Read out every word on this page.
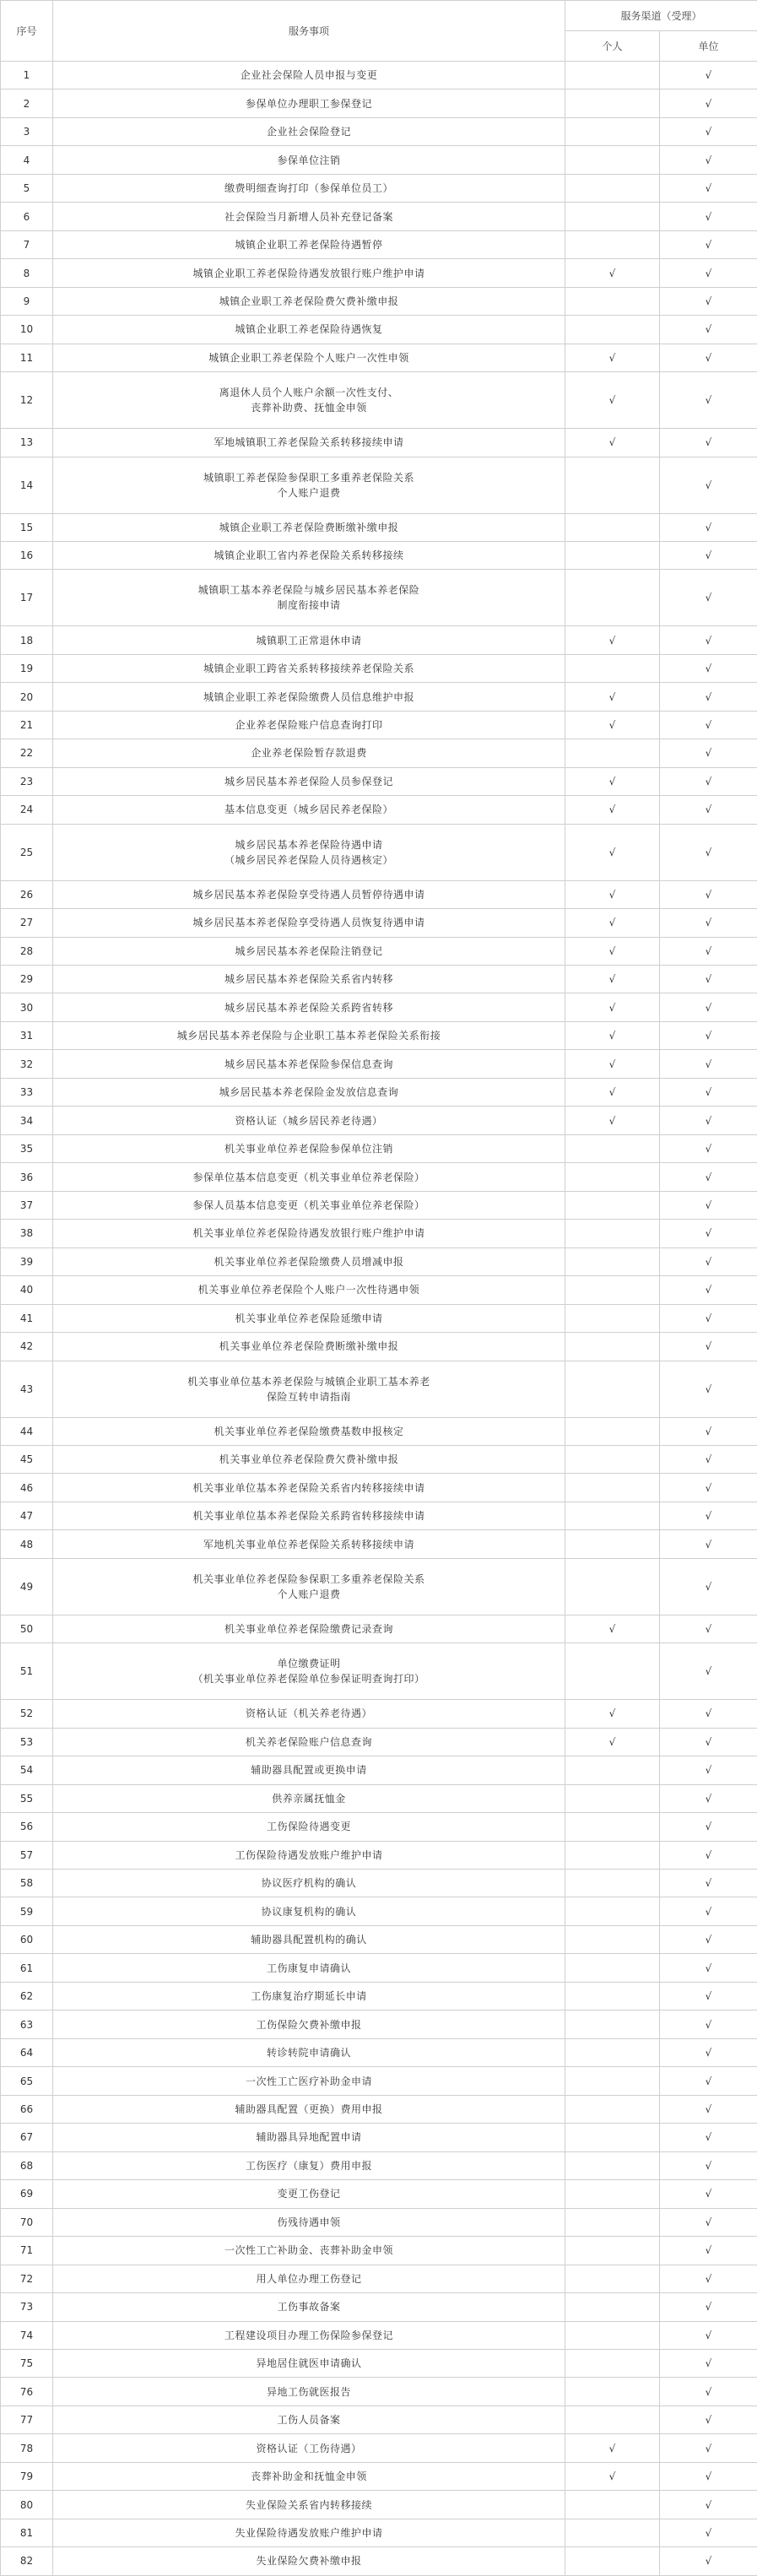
序号	服务事项	服务渠道（受理）	
		个人	单位
1	企业社会保险人员申报与变更		√
2	参保单位办理职工参保登记		√
3	企业社会保险登记		√
4	参保单位注销		√
5	缴费明细查询打印（参保单位员工）		√
6	社会保险当月新增人员补充登记备案		√
7	城镇企业职工养老保险待遇暂停		√
8	城镇企业职工养老保险待遇发放银行账户维护申请	√	√
9	城镇企业职工养老保险费欠费补缴申报		√
10	城镇企业职工养老保险待遇恢复		√
11	城镇企业职工养老保险个人账户一次性申领	√	√
12	离退休人员个人账户余额一次性支付、
丧葬补助费、抚恤金申领	√	√
13	军地城镇职工养老保险关系转移接续申请	√	√
14	城镇职工养老保险参保职工多重养老保险关系
个人账户退费		√
15	城镇企业职工养老保险费断缴补缴申报		√
16	城镇企业职工省内养老保险关系转移接续		√
17	城镇职工基本养老保险与城乡居民基本养老保险
制度衔接申请		√
18	城镇职工正常退休申请	√	√
19	城镇企业职工跨省关系转移接续养老保险关系		√
20	城镇企业职工养老保险缴费人员信息维护申报	√	√
21	企业养老保险账户信息查询打印	√	√
22	企业养老保险暂存款退费		√
23	城乡居民基本养老保险人员参保登记	√	√
24	基本信息变更（城乡居民养老保险）	√	√
25	城乡居民基本养老保险待遇申请
（城乡居民养老保险人员待遇核定）	√	√
26	城乡居民基本养老保险享受待遇人员暂停待遇申请	√	√
27	城乡居民基本养老保险享受待遇人员恢复待遇申请	√	√
28	城乡居民基本养老保险注销登记	√	√
29	城乡居民基本养老保险关系省内转移	√	√
30	城乡居民基本养老保险关系跨省转移	√	√
31	城乡居民基本养老保险与企业职工基本养老保险关系衔接	√	√
32	城乡居民基本养老保险参保信息查询	√	√
33	城乡居民基本养老保险金发放信息查询	√	√
34	资格认证（城乡居民养老待遇）	√	√
35	机关事业单位养老保险参保单位注销		√
36	参保单位基本信息变更（机关事业单位养老保险）		√
37	参保人员基本信息变更（机关事业单位养老保险）		√
38	机关事业单位养老保险待遇发放银行账户维护申请		√
39	机关事业单位养老保险缴费人员增减申报		√
40	机关事业单位养老保险个人账户一次性待遇申领		√
41	机关事业单位养老保险延缴申请		√
42	机关事业单位养老保险费断缴补缴申报		√
43	机关事业单位基本养老保险与城镇企业职工基本养老
保险互转申请指南		√
44	机关事业单位养老保险缴费基数申报核定		√
45	机关事业单位养老保险费欠费补缴申报		√
46	机关事业单位基本养老保险关系省内转移接续申请		√
47	机关事业单位基本养老保险关系跨省转移接续申请		√
48	军地机关事业单位养老保险关系转移接续申请		√
49	机关事业单位养老保险参保职工多重养老保险关系
个人账户退费		√
50	机关事业单位养老保险缴费记录查询	√	√
51	单位缴费证明
（机关事业单位养老保险单位参保证明查询打印）		√
52	资格认证（机关养老待遇）	√	√
53	机关养老保险账户信息查询	√	√
54	辅助器具配置或更换申请		√
55	供养亲属抚恤金		√
56	工伤保险待遇变更		√
57	工伤保险待遇发放账户维护申请		√
58	协议医疗机构的确认		√
59	协议康复机构的确认		√
60	辅助器具配置机构的确认		√
61	工伤康复申请确认		√
62	工伤康复治疗期延长申请		√
63	工伤保险欠费补缴申报		√
64	转诊转院申请确认		√
65	一次性工亡医疗补助金申请		√
66	辅助器具配置（更换）费用申报		√
67	辅助器具异地配置申请		√
68	工伤医疗（康复）费用申报		√
69	变更工伤登记		√
70	伤残待遇申领		√
71	一次性工亡补助金、丧葬补助金申领		√
72	用人单位办理工伤登记		√
73	工伤事故备案		√
74	工程建设项目办理工伤保险参保登记		√
75	异地居住就医申请确认		√
76	异地工伤就医报告		√
77	工伤人员备案		√
78	资格认证（工伤待遇）	√	√
79	丧葬补助金和抚恤金申领	√	√
80	失业保险关系省内转移接续		√
81	失业保险待遇发放账户维护申请		√
82	失业保险欠费补缴申报		√
